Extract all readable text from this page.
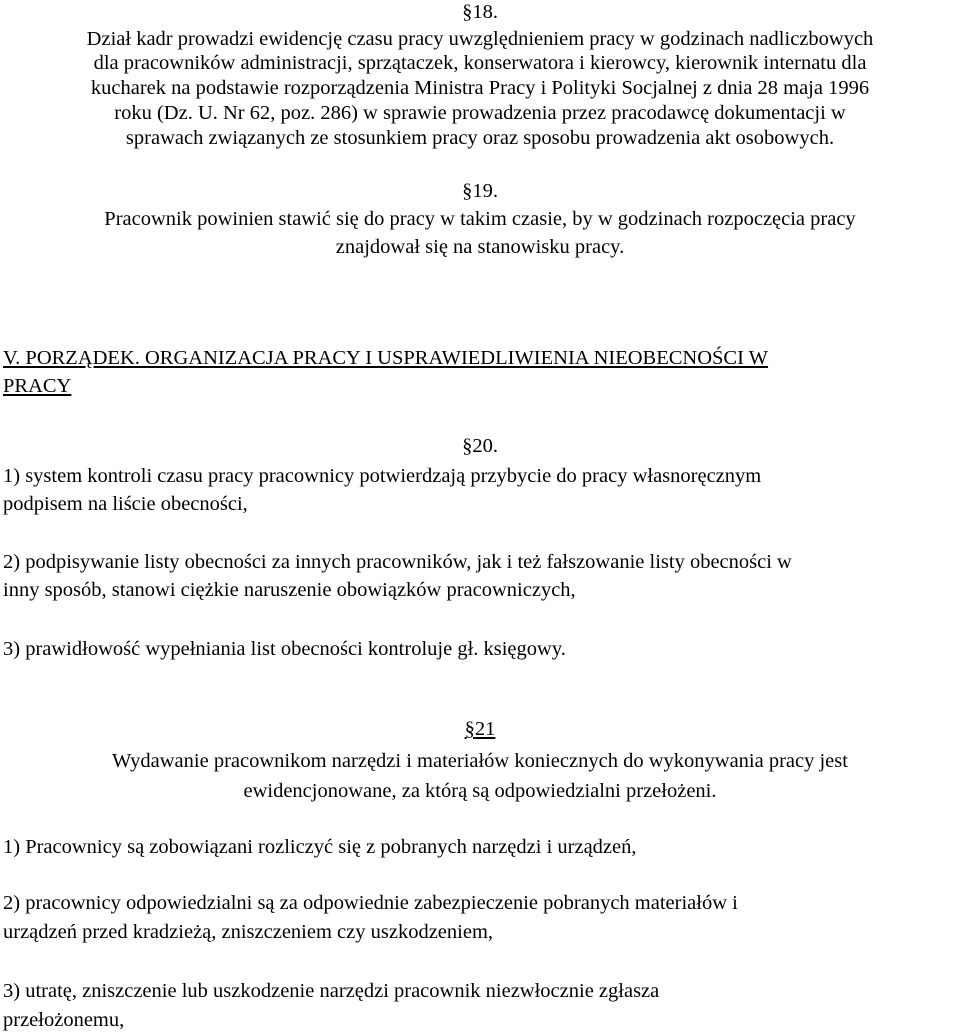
§18.
Dział kadr prowadzi ewidencję czasu pracy uwzględnieniem pracy w godzinach nadliczbowych
dla pracowników administracji, sprzątaczek, konserwatora i kierowcy, kierownik internatu dla
kucharek na podstawie rozporządzenia Ministra Pracy i Polityki Socjalnej z dnia 28 maja 1996
roku (Dz. U. Nr 62, poz. 286) w sprawie prowadzenia przez pracodawcę dokumentacji w
sprawach związanych ze stosunkiem pracy oraz sposobu prowadzenia akt osobowych.
§19.
Pracownik powinien stawić się do pracy w takim czasie, by w godzinach rozpoczęcia pracy
znajdował się na stanowisku pracy.
V. PORZĄDEK. ORGANIZACJA PRACY I USPRAWIEDLIWIENIA NIEOBECNOŚCI W
PRACY
§20.
1) system kontroli czasu pracy pracownicy potwierdzają przybycie do pracy własnoręcznym
podpisem na liście obecności,
2) podpisywanie listy obecności za innych pracowników, jak i też fałszowanie listy obecności w
inny sposób, stanowi ciężkie naruszenie obowiązków pracowniczych,
3) prawidłowość wypełniania list obecności kontroluje gł. księgowy.
§21
Wydawanie pracownikom narzędzi i materiałów koniecznych do wykonywania pracy jest
ewidencjonowane, za którą są odpowiedzialni przełożeni.
1) Pracownicy są zobowiązani rozliczyć się z pobranych narzędzi i urządzeń,
2) pracownicy odpowiedzialni są za odpowiednie zabezpieczenie pobranych materiałów i
urządzeń przed kradzieżą, zniszczeniem czy uszkodzeniem,
3) utratę, zniszczenie lub uszkodzenie narzędzi pracownik niezwłocznie zgłasza
przełożonemu,
